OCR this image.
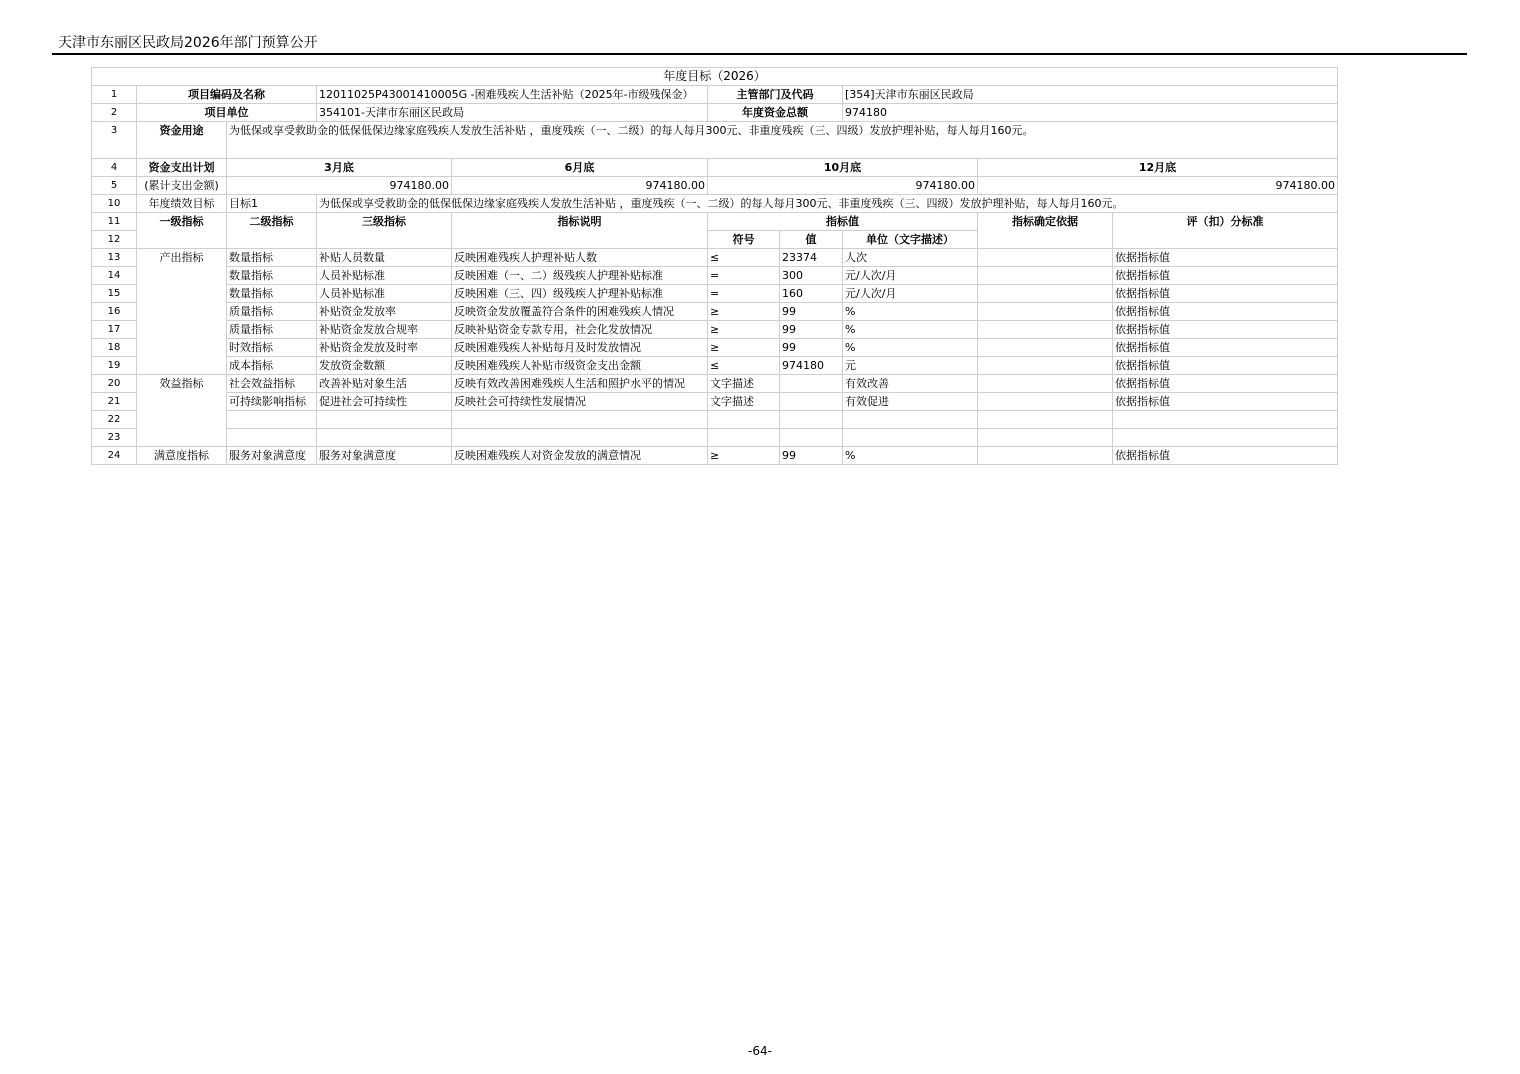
天津市东丽区民政局2026年部门预算公开
年度目标（2026）									
1	项目编码及名称		12011025P43001410005G -困难残疾人生活补贴（2025年-市级残保金）		主管部门及代码		[354]天津市东丽区民政局		
2	项目单位		354101-天津市东丽区民政局		年度资金总额		974180		
3	资金用途	为低保或享受救助金的低保低保边缘家庭残疾人发放生活补贴 ，重度残疾（一、二级）的每人每月300元、非重度残疾（三、四级）发放护理补贴，每人每月160元。							
4	资金支出计划	3月底		6月底	10月底			12月底	
5	(累计支出金额)	974180.00		974180.00	974180.00			974180.00	
10	年度绩效目标	目标1	为低保或享受救助金的低保低保边缘家庭残疾人发放生活补贴 ，重度残疾（一、二级）的每人每月300元、非重度残疾（三、四级）发放护理补贴，每人每月160元。						
11	一级指标	二级指标	三级指标	指标说明	指标值			指标确定依据	评（扣）分标准
12					符号	值	单位（文字描述）		
13	产出指标	数量指标	补贴人员数量	反映困难残疾人护理补贴人数	≤	23374	人次		依据指标值
14		数量指标	人员补贴标准	反映困难（一、二）级残疾人护理补贴标准	=	300	元/人次/月		依据指标值
15		数量指标	人员补贴标准	反映困难（三、四）级残疾人护理补贴标准	=	160	元/人次/月		依据指标值
16		质量指标	补贴资金发放率	反映资金发放覆盖符合条件的困难残疾人情况	≥	99	%		依据指标值
17		质量指标	补贴资金发放合规率	反映补贴资金专款专用，社会化发放情况	≥	99	%		依据指标值
18		时效指标	补贴资金发放及时率	反映困难残疾人补贴每月及时发放情况	≥	99	%		依据指标值
19		成本指标	发放资金数额	反映困难残疾人补贴市级资金支出金额	≤	974180	元		依据指标值
20	效益指标	社会效益指标	改善补贴对象生活	反映有效改善困难残疾人生活和照护水平的情况	文字描述		有效改善		依据指标值
21		可持续影响指标	促进社会可持续性	反映社会可持续性发展情况	文字描述		有效促进		依据指标值
22									
23									
24	满意度指标	服务对象满意度	服务对象满意度	反映困难残疾人对资金发放的满意情况	≥	99	%		依据指标值
-64-
